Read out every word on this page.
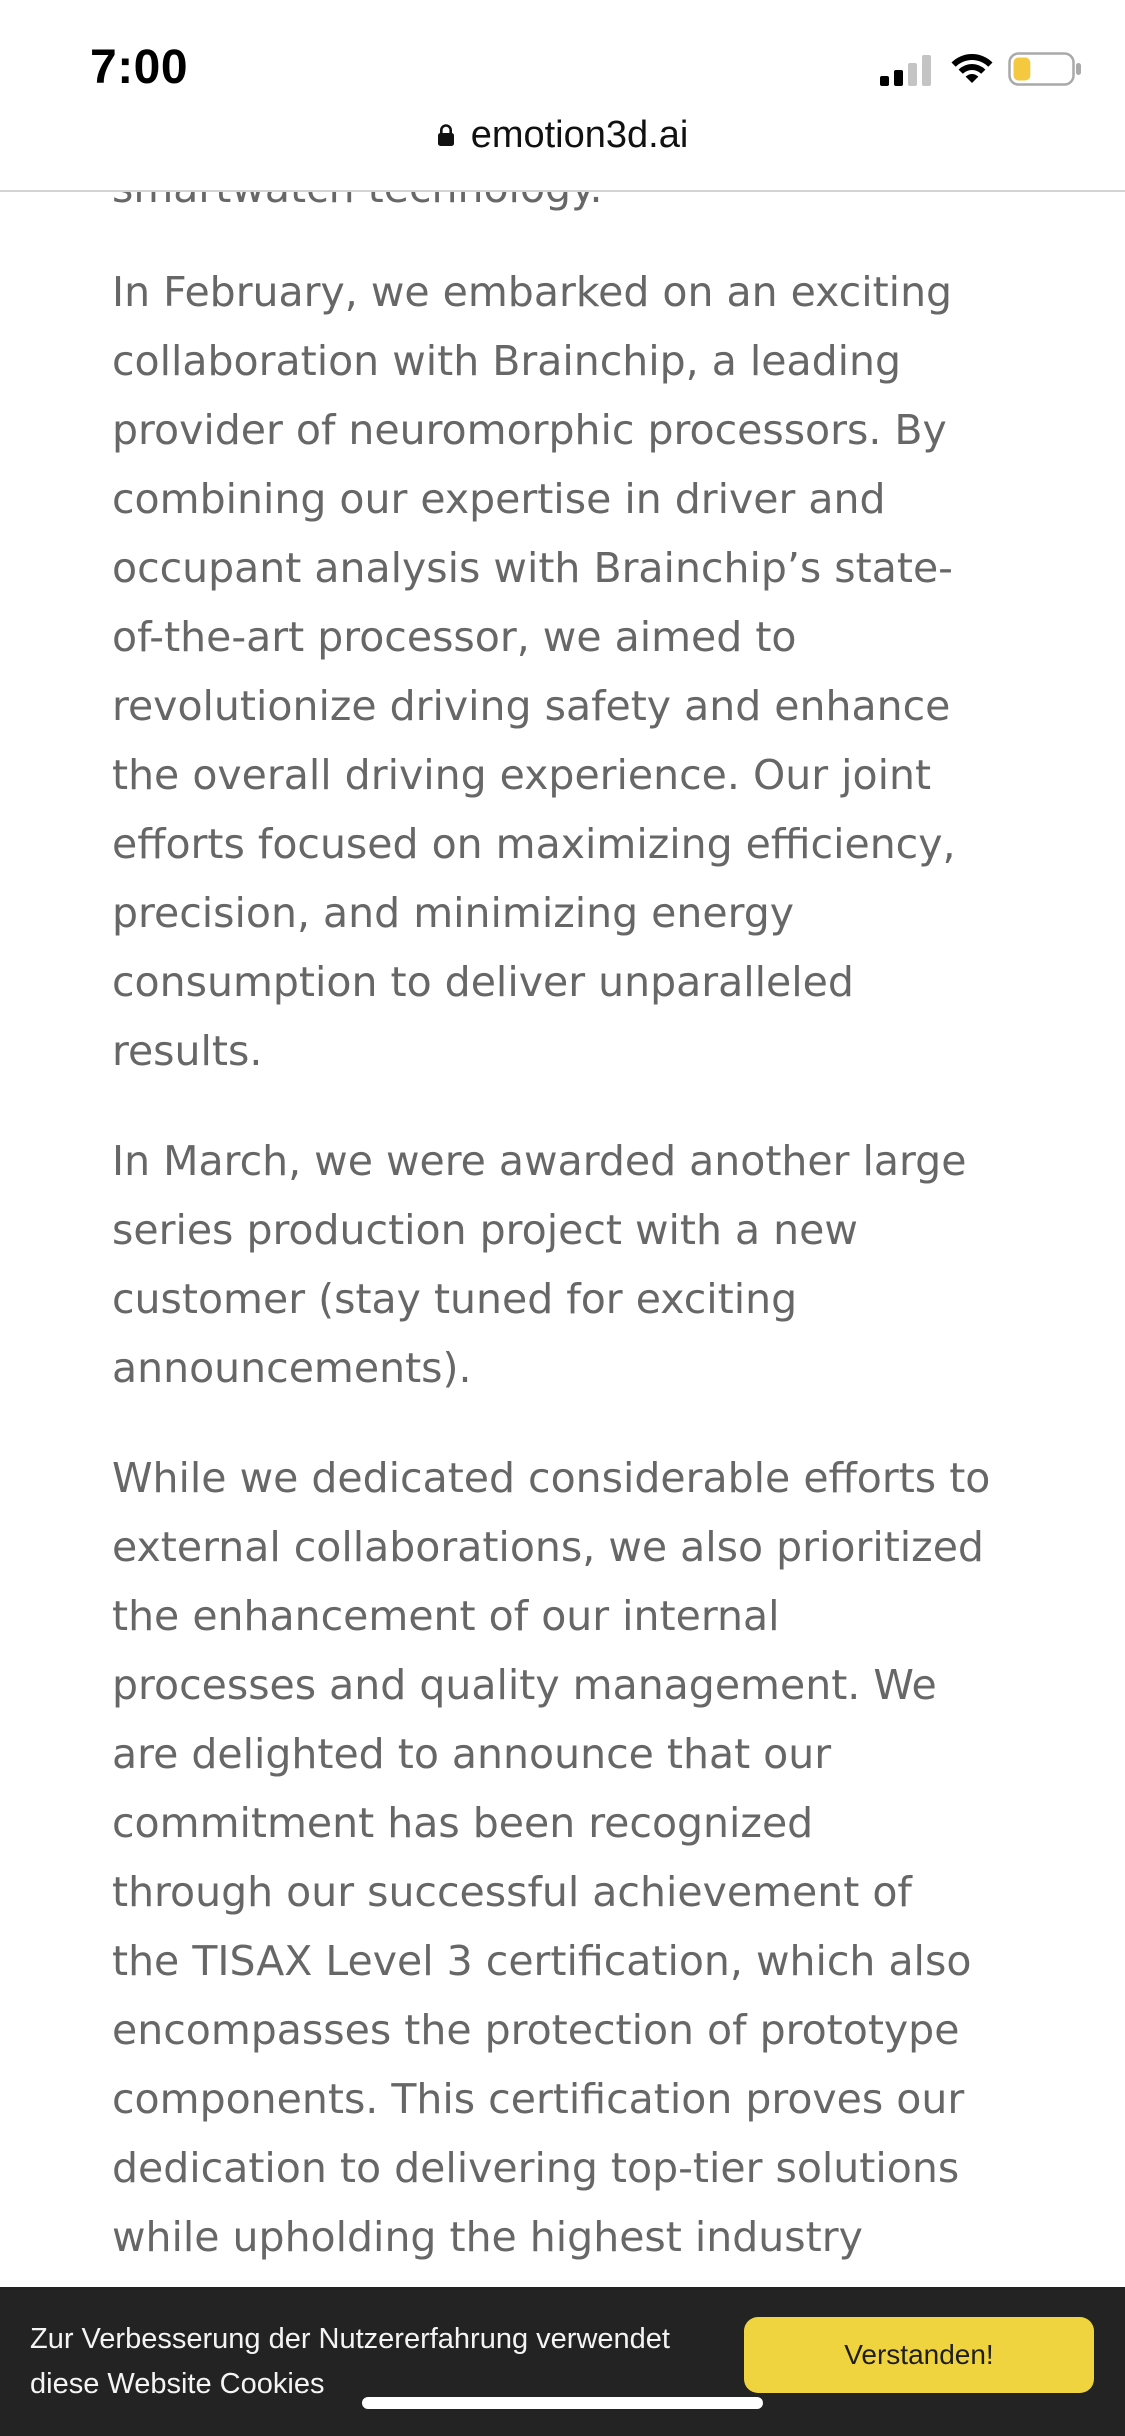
7:00
emotion3d.ai
In February, we embarked on an exciting
collaboration with Brainchip, a leading
provider of neuromorphic processors. By
combining our expertise in driver and
occupant analysis with Brainchip’s state-
of-the-art processor, we aimed to
revolutionize driving safety and enhance
the overall driving experience. Our joint
efforts focused on maximizing efficiency,
precision, and minimizing energy
consumption to deliver unparalleled
results.
In March, we were awarded another large
series production project with a new
customer (stay tuned for exciting
announcements).
While we dedicated considerable efforts to
external collaborations, we also prioritized
the enhancement of our internal
processes and quality management. We
are delighted to announce that our
commitment has been recognized
through our successful achievement of
the TISAX Level 3 certification, which also
encompasses the protection of prototype
components. This certification proves our
dedication to delivering top-tier solutions
while upholding the highest industry
Zur Verbesserung der Nutzererfahrung verwendet
diese Website Cookies
Verstanden!
